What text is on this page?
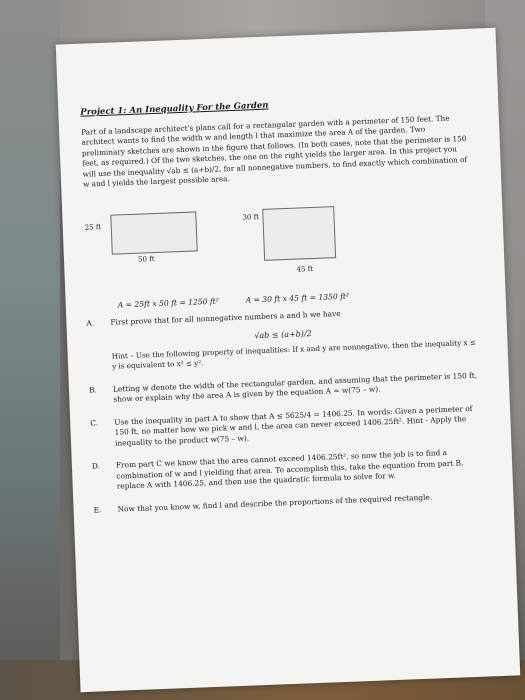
Project 1: An Inequality For the Garden

Part of a landscape architect's plans call for a rectangular garden with a perimeter of 150 feet. The architect wants to find the width w and length l that maximize the area A of the garden. Two preliminary sketches are shown in the figure that follows. (In both cases, note that the perimeter is 150 feet, as required.) Of the two sketches, the one on the right yields the larger area. In this project you will use the inequality √ab ≤ (a+b)/2, for all nonnegative numbers, to find exactly which combination of w and l yields the largest possible area.

25 ft
50 ft
30 ft
45 ft
A = 25ft x 50 ft = 1250 ft²	A = 30 ft x 45 ft = 1350 ft²
A. First prove that for all nonnegative numbers a and b we have
√ab ≤ (a+b)/2
Hint – Use the following property of inequalities: If x and y are nonnegative, then the inequality x ≤ y is equivalent to x² ≤ y².
B. Letting w denote the width of the rectangular garden, and assuming that the perimeter is 150 ft, show or explain why the area A is given by the equation A = w(75 – w).
C. Use the inequality in part A to show that A ≤ 5625/4 = 1406.25. In words: Given a perimeter of 150 ft, no matter how we pick w and l, the area can never exceed 1406.25ft². Hint - Apply the inequality to the product w(75 – w).
D. From part C we know that the area cannot exceed 1406.25ft², so now the job is to find a combination of w and l yielding that area. To accomplish this, take the equation from part B, replace A with 1406.25, and then use the quadratic formula to solve for w.
E. Now that you know w, find l and describe the proportions of the required rectangle.
